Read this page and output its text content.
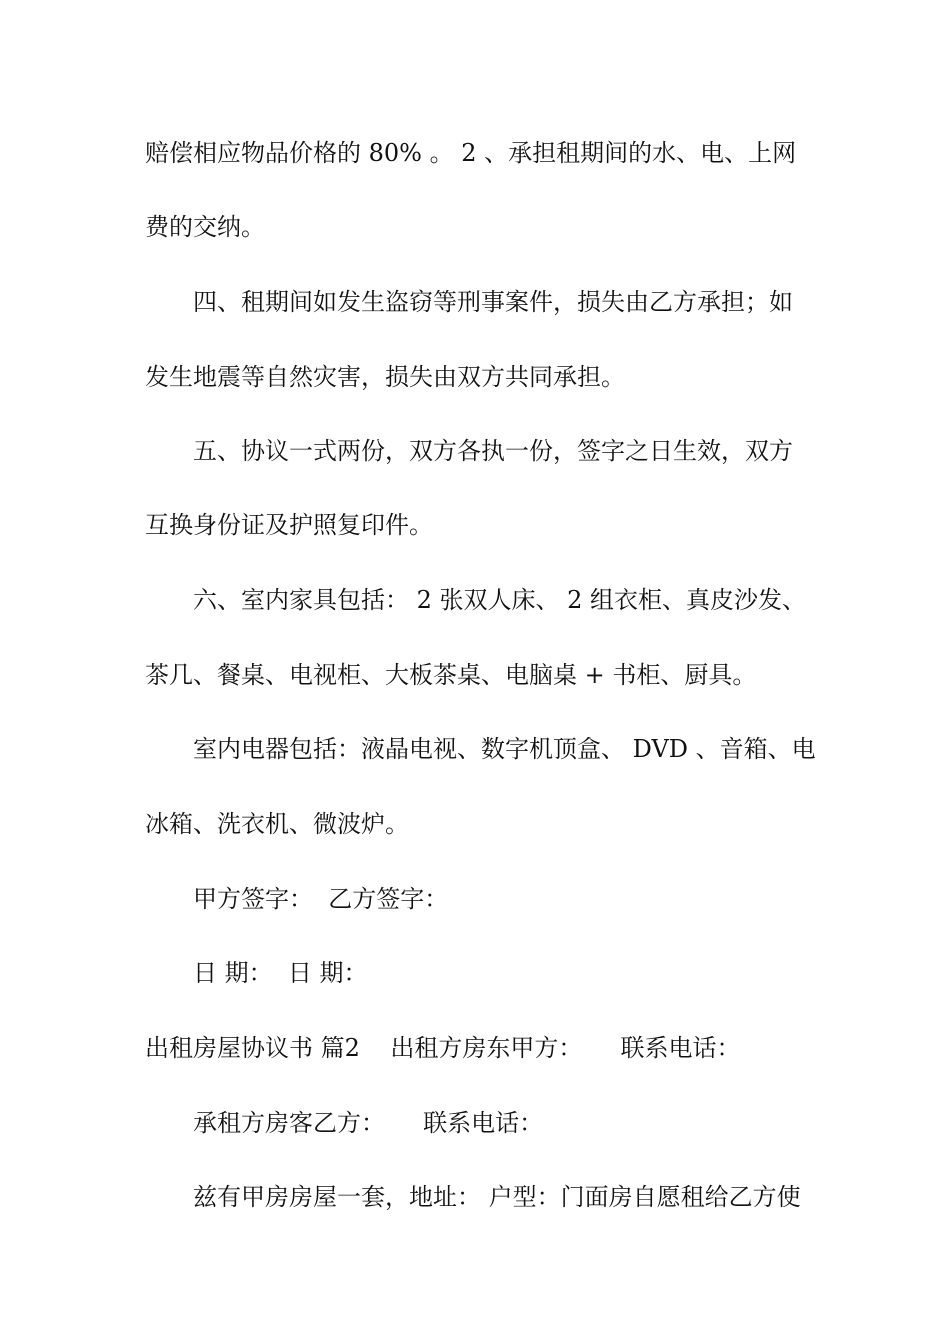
赔偿相应物品价格的 80% 。 2 、承担租期间的水、电、上网
费的交纳。
四、租期间如发生盗窃等刑事案件，损失由乙方承担；如
发生地震等自然灾害，损失由双方共同承担。
五、协议一式两份，双方各执一份，签字之日生效，双方
互换身份证及护照复印件。
六、室内家具包括： 2 张双人床、 2 组衣柜、真皮沙发、
茶几、餐桌、电视柜、大板茶桌、电脑桌 + 书柜、厨具。
室内电器包括：液晶电视、数字机顶盒、 DVD 、音箱、电
冰箱、洗衣机、微波炉。
甲方签字：  乙方签字：
日 期：  日 期：
出租房屋协议书 篇2    出租方房东甲方：     联系电话：
承租方房客乙方：     联系电话：
兹有甲房房屋一套，地址： 户型：门面房自愿租给乙方使
